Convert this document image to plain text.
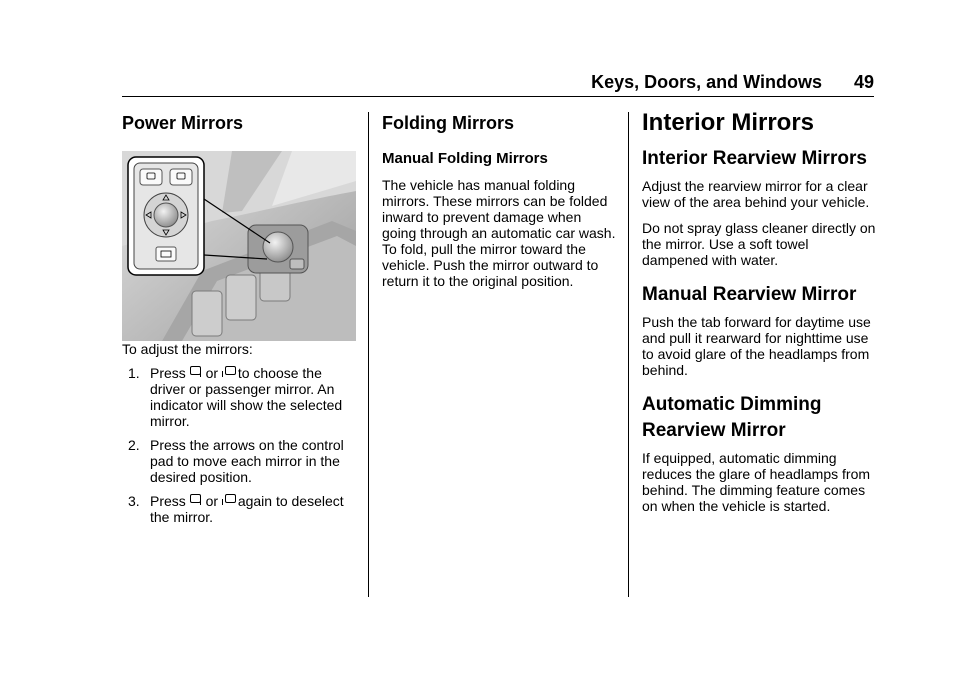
Keys, Doors, and Windows 49
Power Mirrors

To adjust the mirrors:

1. Press or to choose the driver or passenger mirror. An indicator will show the selected mirror.
2. Press the arrows on the control pad to move each mirror in the desired position.
3. Press or again to deselect the mirror.
Folding Mirrors
Manual Folding Mirrors

The vehicle has manual folding mirrors. These mirrors can be folded inward to prevent damage when going through an automatic car wash. To fold, pull the mirror toward the vehicle. Push the mirror outward to return it to the original position.

Interior Mirrors
Interior Rearview Mirrors

Adjust the rearview mirror for a clear view of the area behind your vehicle.

Do not spray glass cleaner directly on the mirror. Use a soft towel dampened with water.

Manual Rearview Mirror

Push the tab forward for daytime use and pull it rearward for nighttime use to avoid glare of the headlamps from behind.

Automatic Dimming
Rearview Mirror

If equipped, automatic dimming reduces the glare of headlamps from behind. The dimming feature comes on when the vehicle is started.
